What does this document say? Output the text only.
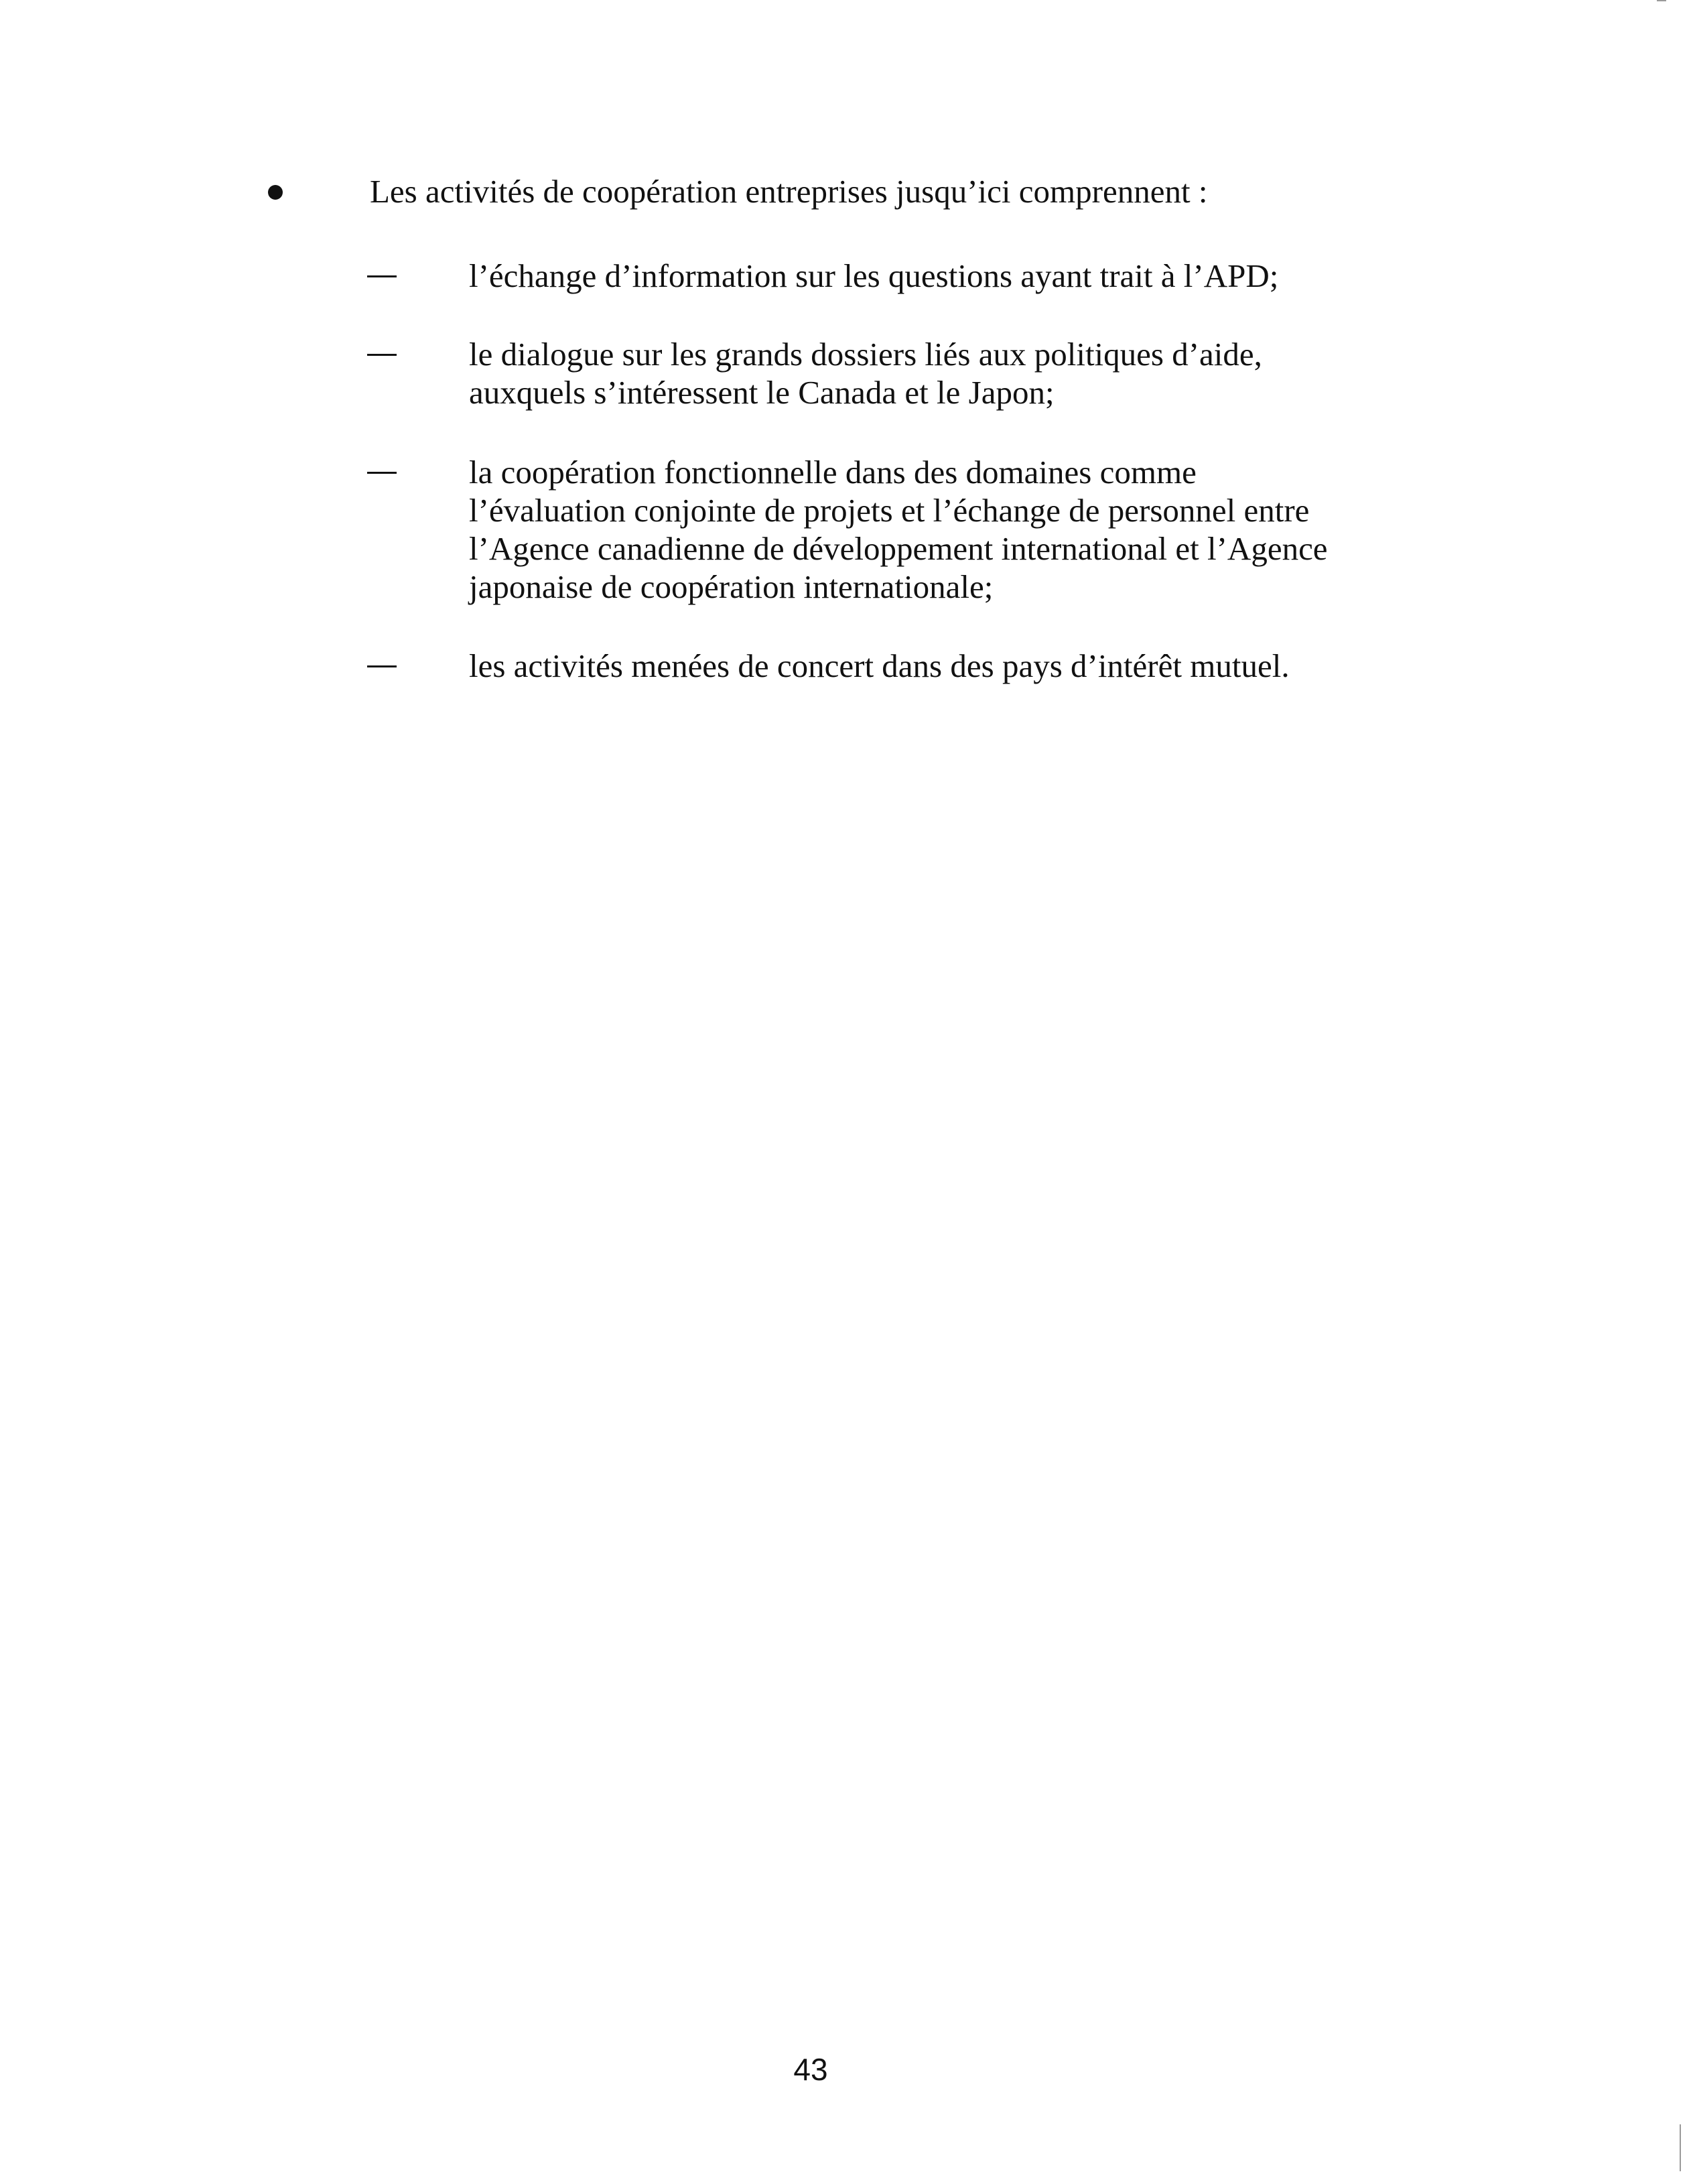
Les activités de coopération entreprises jusqu’ici comprennent :
l’échange d’information sur les questions ayant trait à l’APD;
le dialogue sur les grands dossiers liés aux politiques d’aide,
auxquels s’intéressent le Canada et le Japon;
la coopération fonctionnelle dans des domaines comme
l’évaluation conjointe de projets et l’échange de personnel entre
l’Agence canadienne de développement international et l’Agence
japonaise de coopération internationale;
les activités menées de concert dans des pays d’intérêt mutuel.
43
